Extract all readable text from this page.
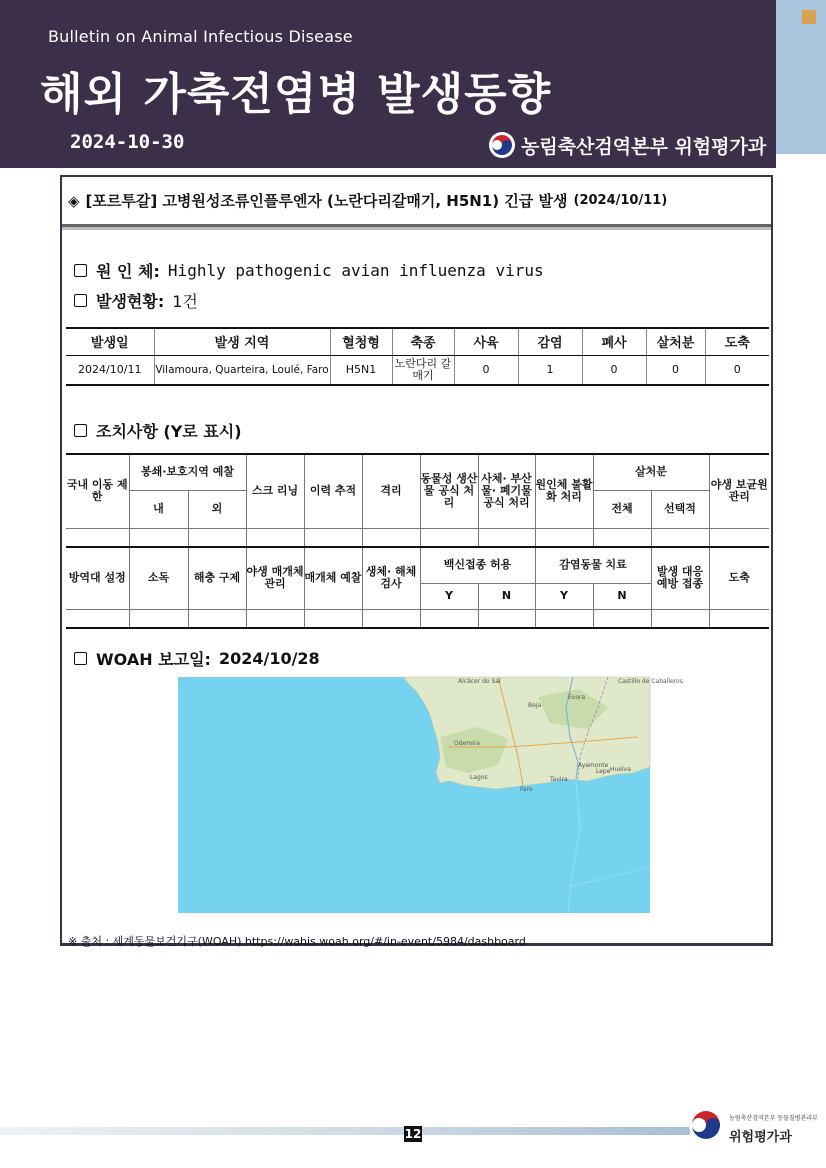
Bulletin on Animal Infectious Disease
해외 가축전염병 발생동향
2024-10-30	농림축산검역본부 위험평가과
◈ [포르투갈] 고병원성조류인플루엔자 (노란다리갈매기, H5N1) 긴급 발생 (2024/10/11)
원 인 체: Highly pathogenic avian influenza virus
발생현황: 1건
발생일	발생 지역	혈청형	축종	사육	감염	폐사	살처분	도축
2024/10/11	Vilamoura, Quarteira, Loulé, Faro	H5N1	노란다리 갈매기	0	1	0	0	0
조치사항 (Y로 표시)
국내 이동 제한	봉쇄·보호지역 예찰		스크 리닝	이력 추적	격리	동물성 생산물 공식 처리	사체· 부산물· 폐기물 공식 처리	원인체 불활화 처리	살처분		야생 보균원 관리
	내	외							전체	선택적	

방역대 설정	소독	해충 구제	야생 매개체 관리	매개체 예찰	생체· 해체 검사	백신접종 허용		감염동물 치료		발생 대응 예방 접종	도축
						Y	N	Y	N		

WOAH 보고일: 2024/10/28
Alcácer do Sal
Beja
Évora
Odemira
Lagos
Faro
Tavira
Huelva
Ayamonte
Lepe
Castillo de Caballeros
※ 출처 : 세계동물보건기구(WOAH) https://wahis.woah.org/#/in-event/5984/dashboard
12
농림축산검역본부 동물질병관리부
위험평가과
